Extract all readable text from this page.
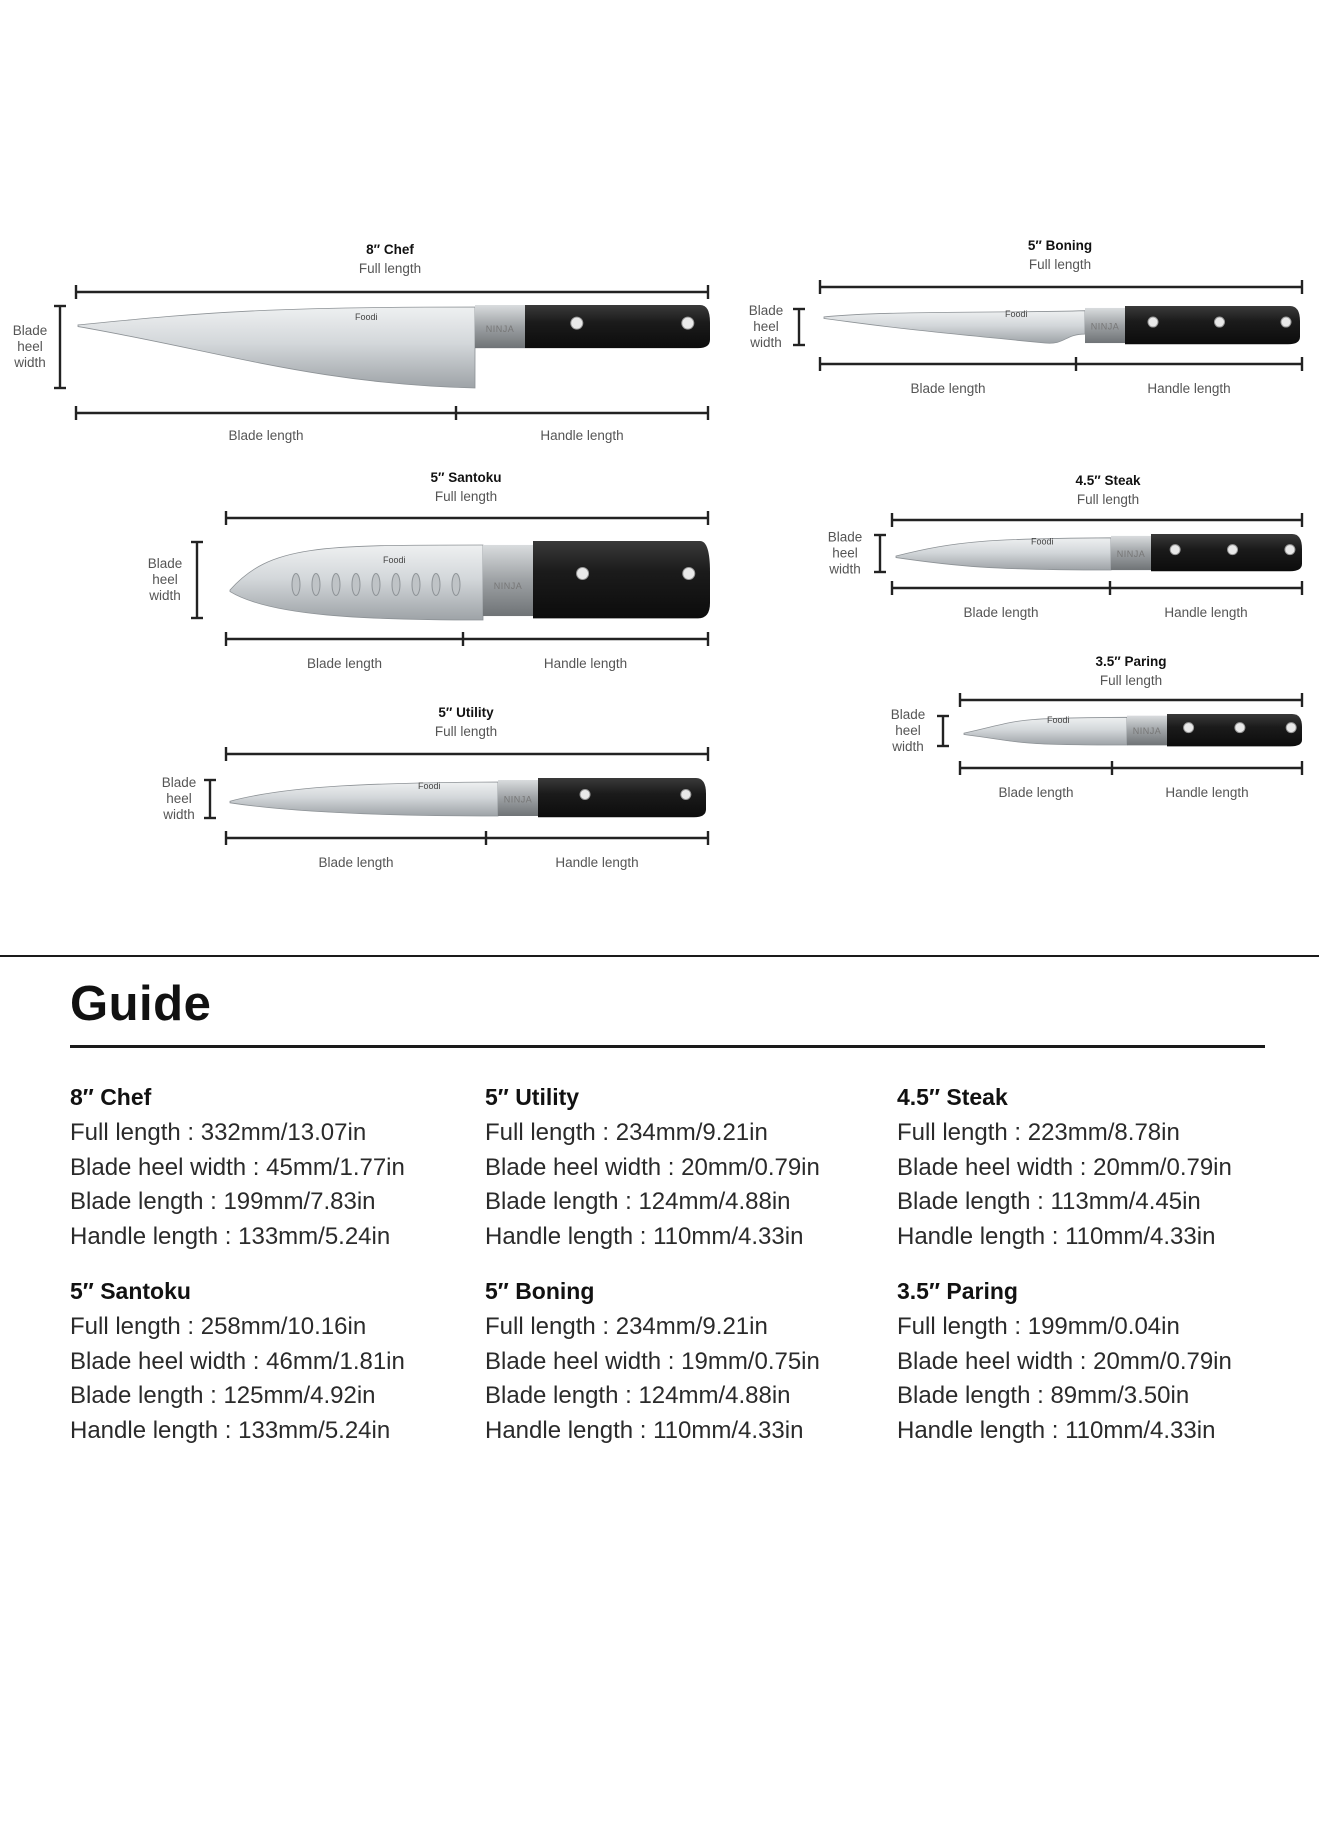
8″ Chef
Full length
NINJA
Foodi
Blade length	Handle length
Blade
heel
width
5″ Boning
Full length
NINJA
Foodi
Blade length	Handle length
Blade
heel
width
5″ Santoku
Full length
NINJA
Foodi
Blade length	Handle length
Blade
heel
width
4.5″ Steak
Full length
NINJA
Foodi
Blade length	Handle length
Blade
heel
width
5″ Utility
Full length
NINJA
Foodi
Blade length	Handle length
Blade
heel
width
3.5″ Paring
Full length
NINJA
Foodi
Blade length	Handle length
Blade
heel
width
Guide

8″ Chef

Full length : 332mm/13.07in

Blade heel width : 45mm/1.77in

Blade length : 199mm/7.83in

Handle length : 133mm/5.24in

5″ Santoku

Full length : 258mm/10.16in

Blade heel width : 46mm/1.81in

Blade length : 125mm/4.92in

Handle length : 133mm/5.24in

5″ Utility

Full length : 234mm/9.21in

Blade heel width : 20mm/0.79in

Blade length : 124mm/4.88in

Handle length : 110mm/4.33in

5″ Boning

Full length : 234mm/9.21in

Blade heel width : 19mm/0.75in

Blade length : 124mm/4.88in

Handle length : 110mm/4.33in

4.5″ Steak

Full length : 223mm/8.78in

Blade heel width : 20mm/0.79in

Blade length : 113mm/4.45in

Handle length : 110mm/4.33in

3.5″ Paring

Full length : 199mm/0.04in

Blade heel width : 20mm/0.79in

Blade length : 89mm/3.50in

Handle length : 110mm/4.33in
